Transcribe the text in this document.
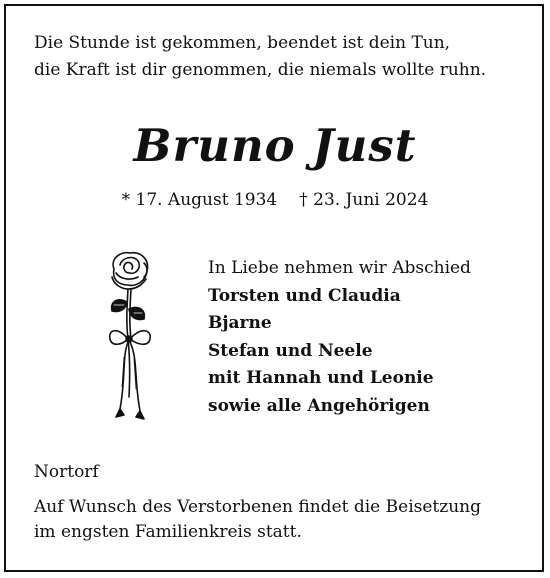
Die Stunde ist gekommen, beendet ist dein Tun,
die Kraft ist dir genommen, die niemals wollte ruhn.
Bruno Just
* 17. August 1934 † 23. Juni 2024
In Liebe nehmen wir Abschied
Torsten und Claudia
Bjarne
Stefan und Neele
mit Hannah und Leonie
sowie alle Angehörigen
Nortorf
Auf Wunsch des Verstorbenen findet die Beisetzung
im engsten Familienkreis statt.
